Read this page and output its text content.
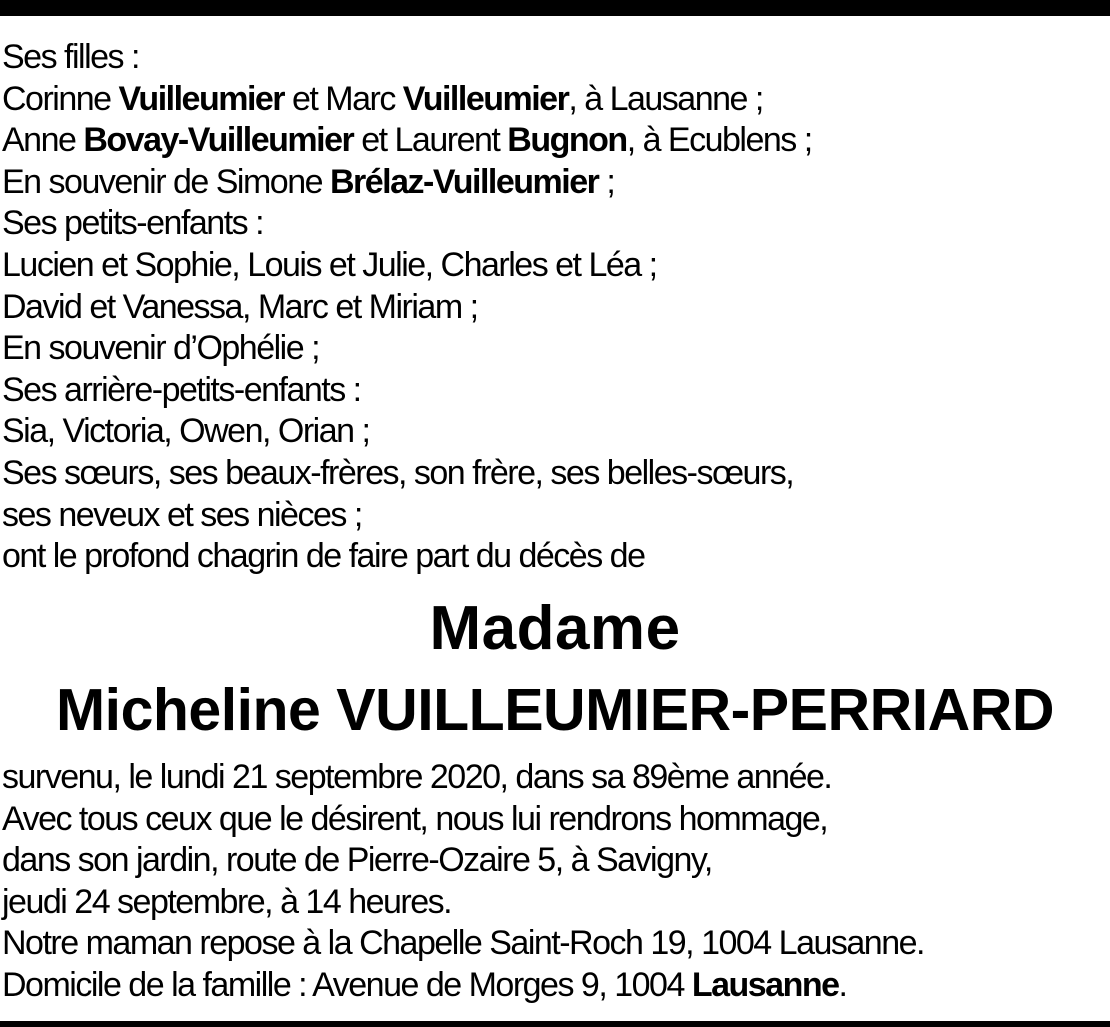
Ses filles :
Corinne Vuilleumier et Marc Vuilleumier, à Lausanne ;
Anne Bovay-Vuilleumier et Laurent Bugnon, à Ecublens ;
En souvenir de Simone Brélaz-Vuilleumier ;
Ses petits-enfants :
Lucien et Sophie, Louis et Julie, Charles et Léa ;
David et Vanessa, Marc et Miriam ;
En souvenir d’Ophélie ;
Ses arrière-petits-enfants :
Sia, Victoria, Owen, Orian ;
Ses sœurs, ses beaux-frères, son frère, ses belles-sœurs,
ses neveux et ses nièces ;
ont le profond chagrin de faire part du décès de
Madame
Micheline VUILLEUMIER-PERRIARD
survenu, le lundi 21 septembre 2020, dans sa 89ème année.
Avec tous ceux que le désirent, nous lui rendrons hommage,
dans son jardin, route de Pierre-Ozaire 5, à Savigny,
jeudi 24 septembre, à 14 heures.
Notre maman repose à la Chapelle Saint-Roch 19, 1004 Lausanne.
Domicile de la famille : Avenue de Morges 9, 1004 Lausanne.
